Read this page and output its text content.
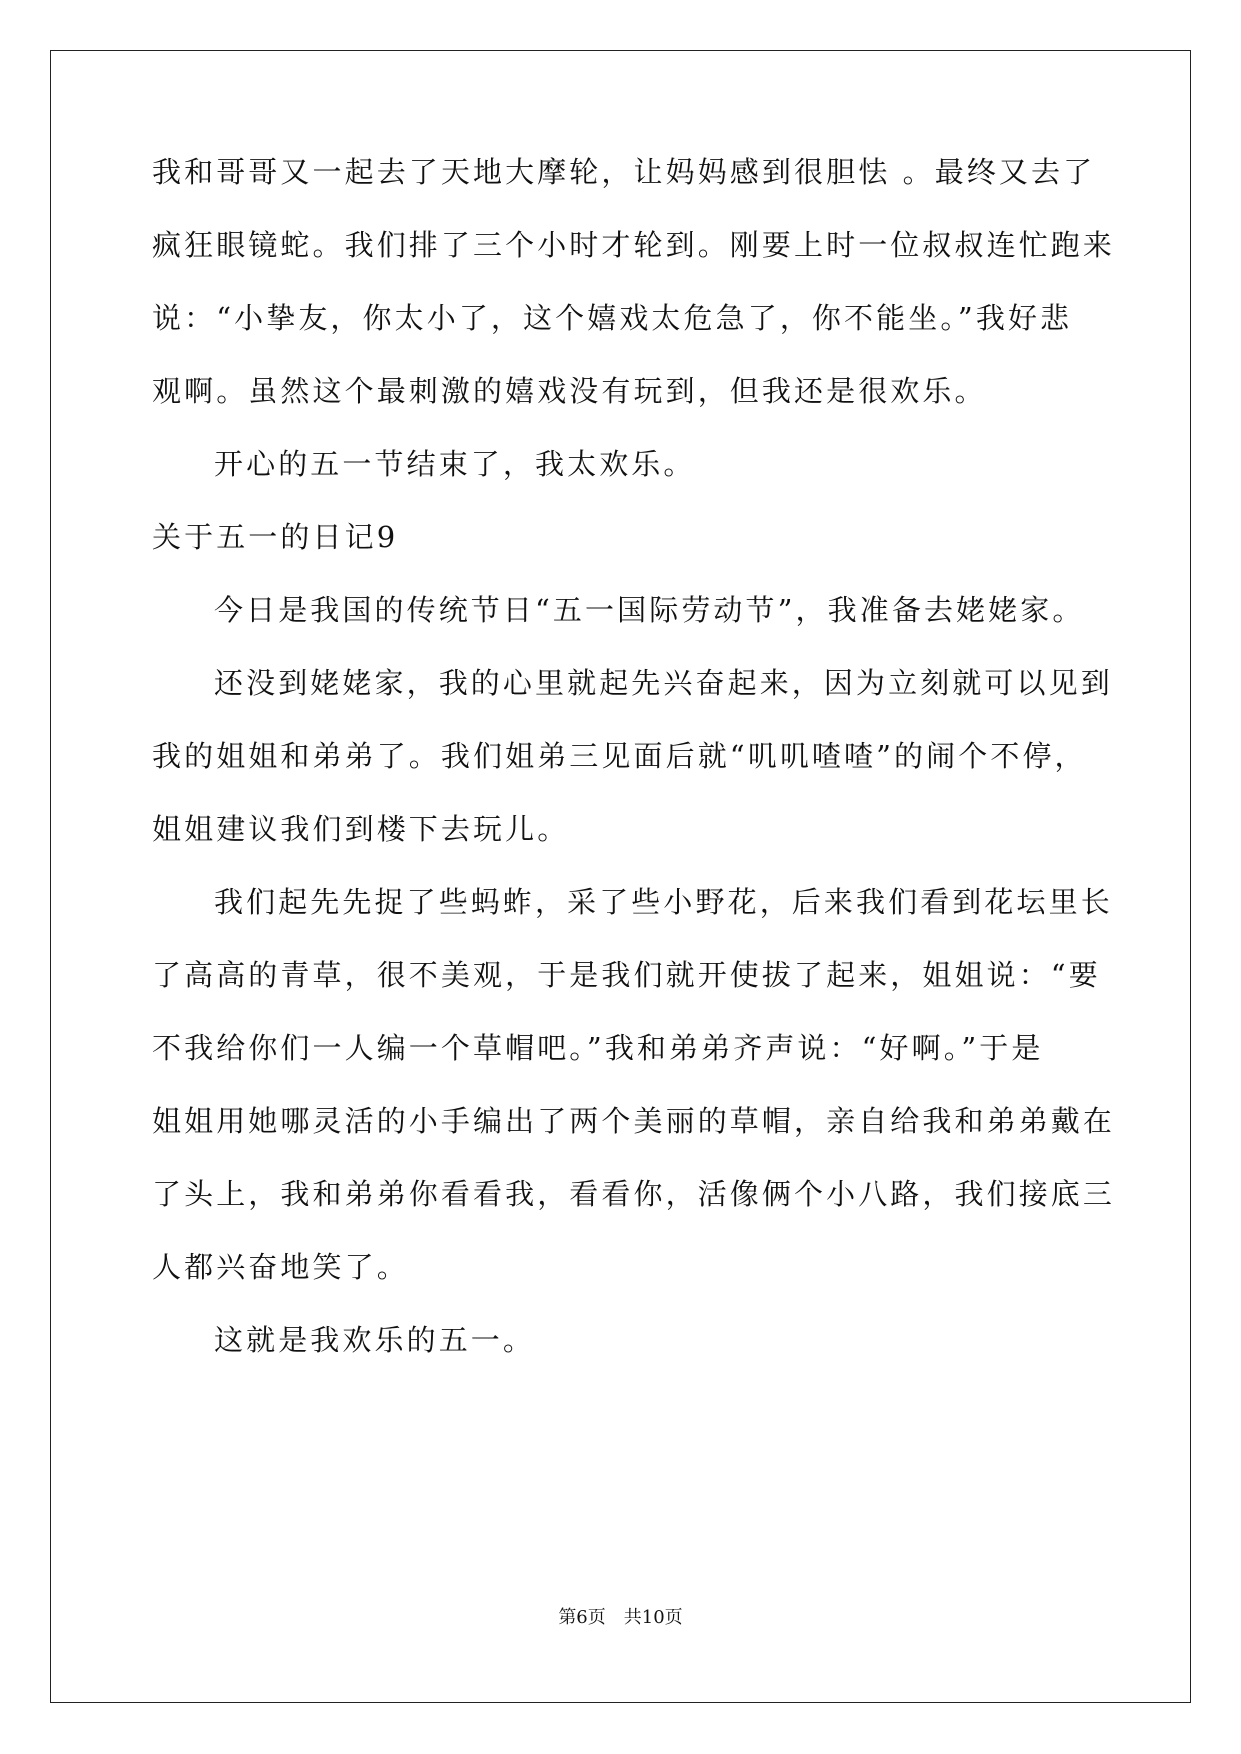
我和哥哥又一起去了天地大摩轮，让妈妈感到很胆怯 。最终又去了
疯狂眼镜蛇。我们排了三个小时才轮到。刚要上时一位叔叔连忙跑来
说：“小挚友，你太小了，这个嬉戏太危急了，你不能坐。”我好悲
观啊。虽然这个最刺激的嬉戏没有玩到，但我还是很欢乐。
开心的五一节结束了，我太欢乐。
关于五一的日记9
今日是我国的传统节日“五一国际劳动节”，我准备去姥姥家。
还没到姥姥家，我的心里就起先兴奋起来，因为立刻就可以见到
我的姐姐和弟弟了。我们姐弟三见面后就“叽叽喳喳”的闹个不停，
姐姐建议我们到楼下去玩儿。
我们起先先捉了些蚂蚱，采了些小野花，后来我们看到花坛里长
了高高的青草，很不美观，于是我们就开使拔了起来，姐姐说：“要
不我给你们一人编一个草帽吧。”我和弟弟齐声说：“好啊。”于是
姐姐用她哪灵活的小手编出了两个美丽的草帽，亲自给我和弟弟戴在
了头上，我和弟弟你看看我，看看你，活像俩个小八路，我们接底三
人都兴奋地笑了。
这就是我欢乐的五一。
第6页　共10页
